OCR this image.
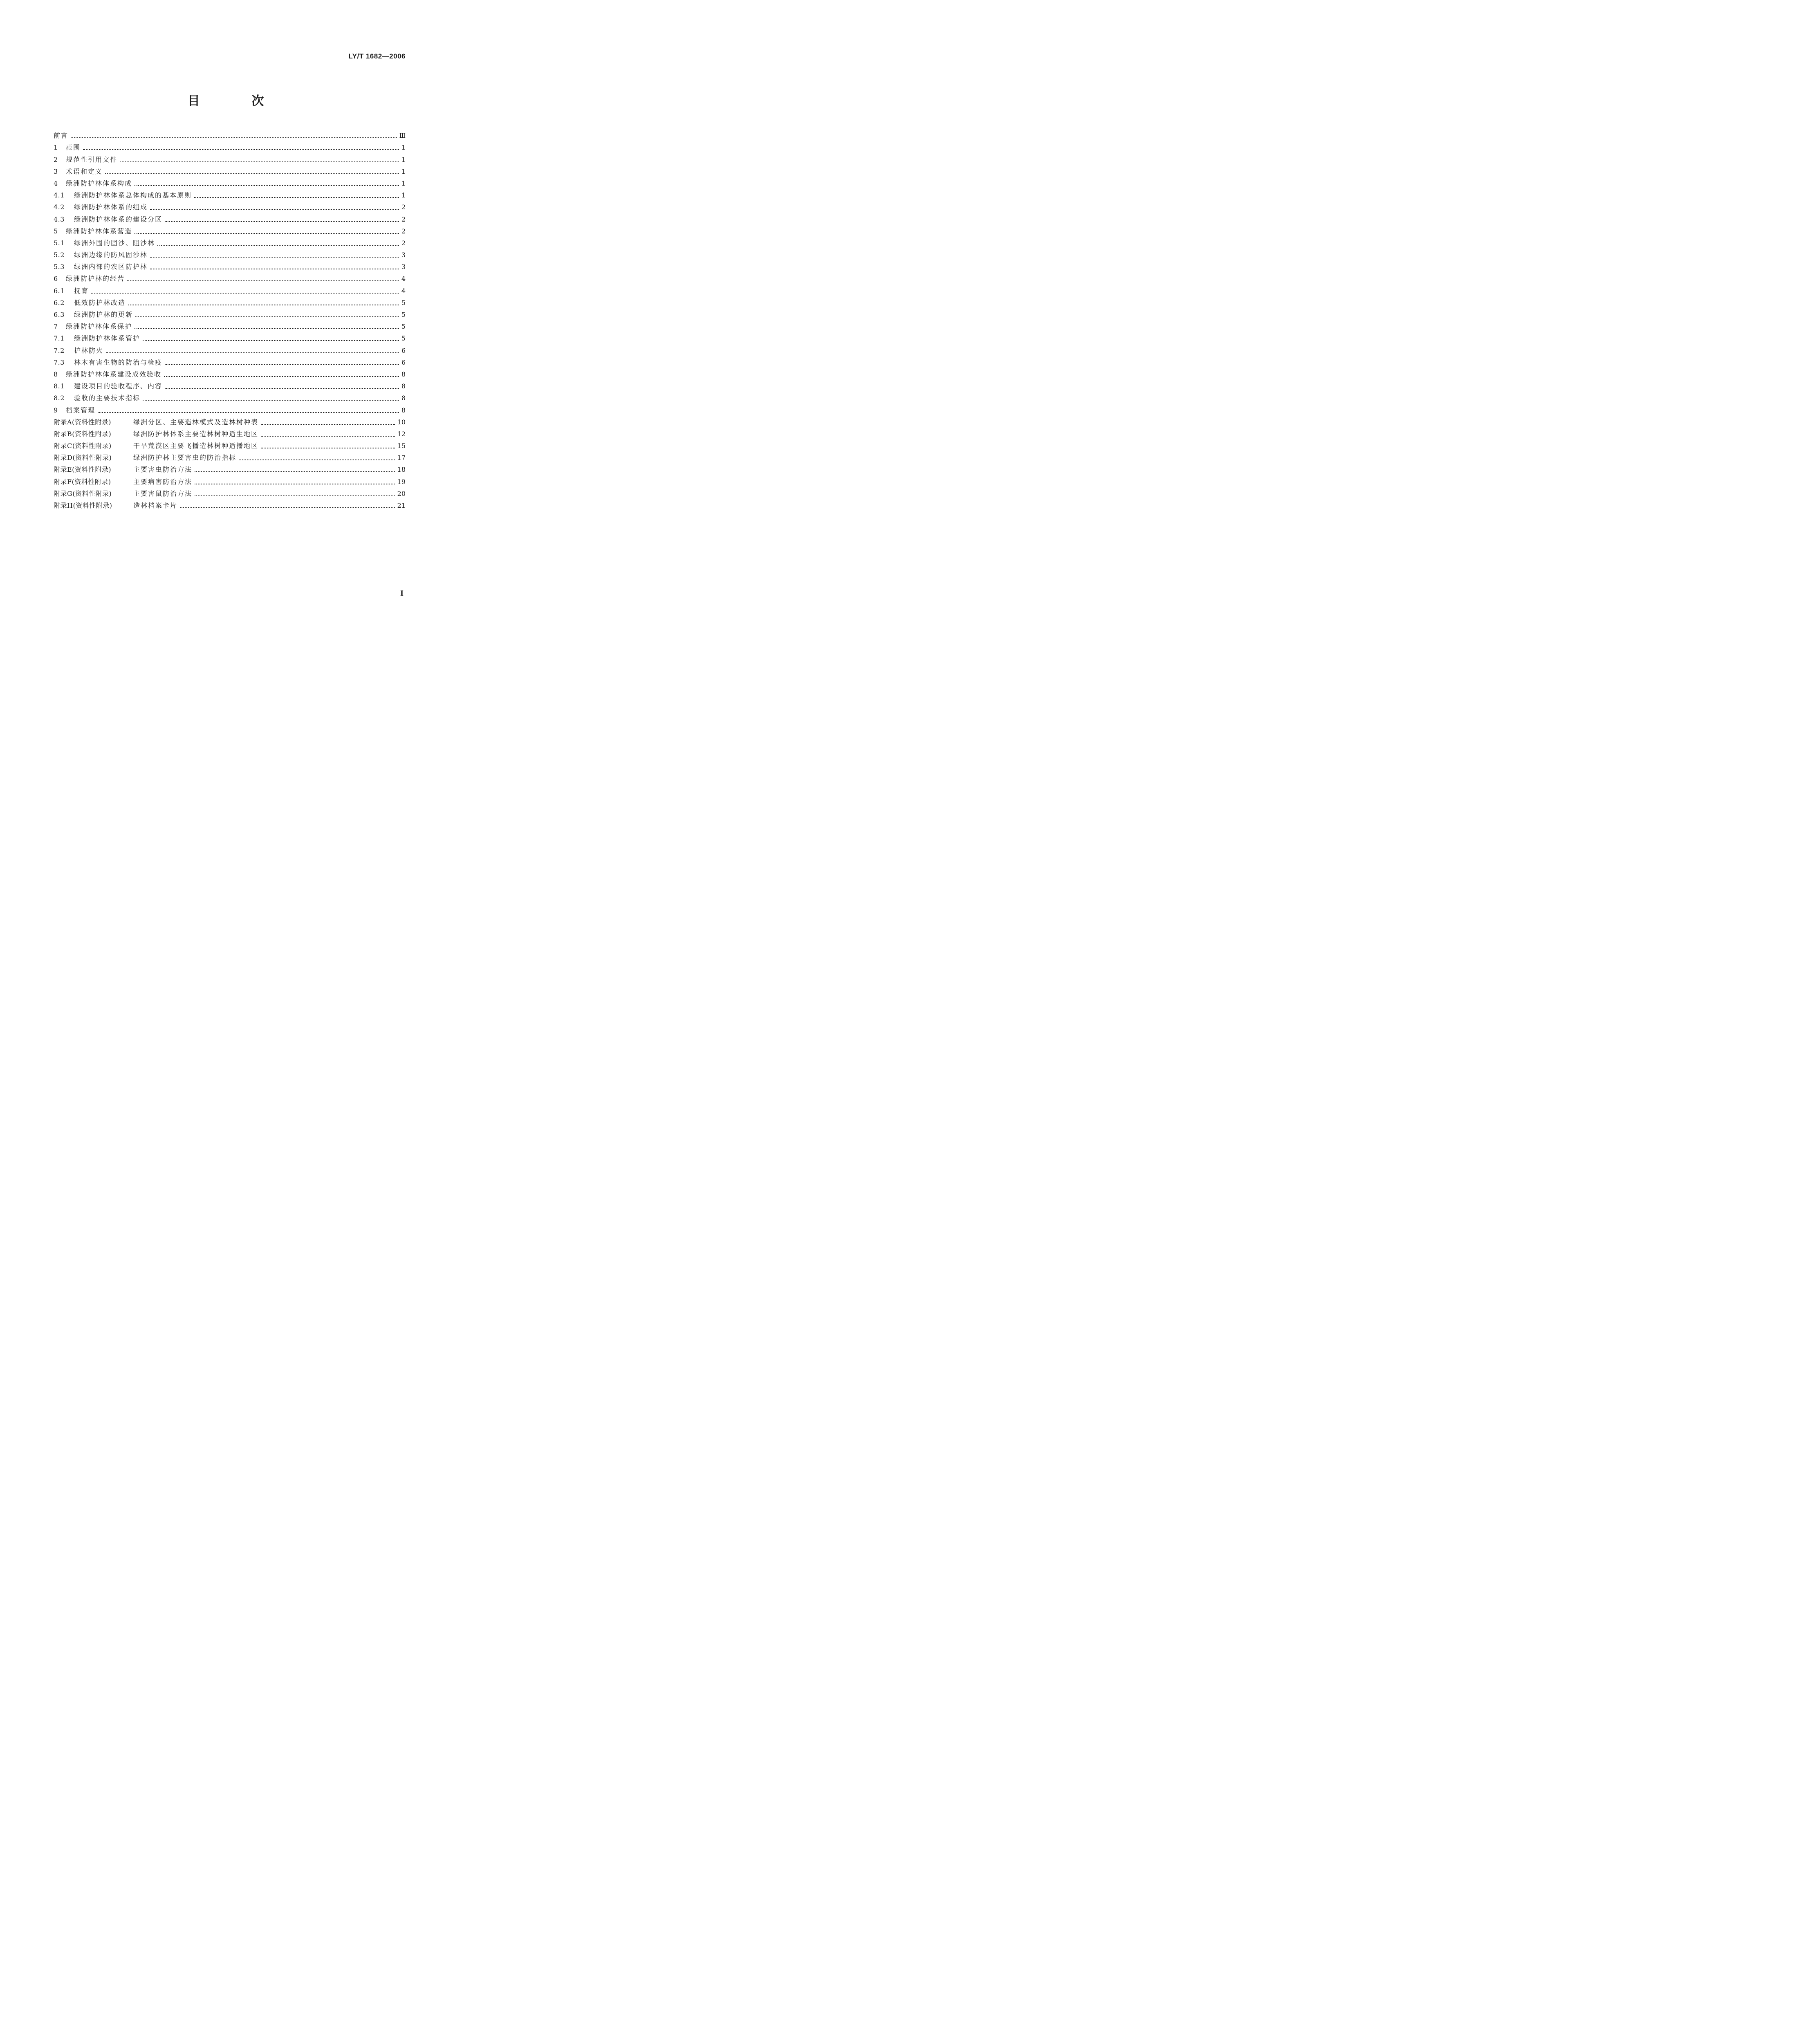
LY/T 1682—2006
目 次
前言	Ⅲ
1	范围	1
2	规范性引用文件	1
3	术语和定义	1
4	绿洲防护林体系构成	1
4.1	绿洲防护林体系总体构成的基本原则	1
4.2	绿洲防护林体系的组成	2
4.3	绿洲防护林体系的建设分区	2
5	绿洲防护林体系营造	2
5.1	绿洲外围的固沙、阻沙林	2
5.2	绿洲边缘的防风固沙林	3
5.3	绿洲内部的农区防护林	3
6	绿洲防护林的经营	4
6.1	抚育	4
6.2	低效防护林改造	5
6.3	绿洲防护林的更新	5
7	绿洲防护林体系保护	5
7.1	绿洲防护林体系管护	5
7.2	护林防火	6
7.3	林木有害生物的防治与检疫	6
8	绿洲防护林体系建设成效验收	8
8.1	建设项目的验收程序、内容	8
8.2	验收的主要技术指标	8
9	档案管理	8
附录A(资料性附录)	绿洲分区、主要造林模式及造林树种表	10
附录B(资料性附录)	绿洲防护林体系主要造林树种适生地区	12
附录C(资料性附录)	干旱荒漠区主要飞播造林树种适播地区	15
附录D(资料性附录)	绿洲防护林主要害虫的防治指标	17
附录E(资料性附录)	主要害虫防治方法	18
附录F(资料性附录)	主要病害防治方法	19
附录G(资料性附录)	主要害鼠防治方法	20
附录H(资料性附录)	造林档案卡片	21
I
